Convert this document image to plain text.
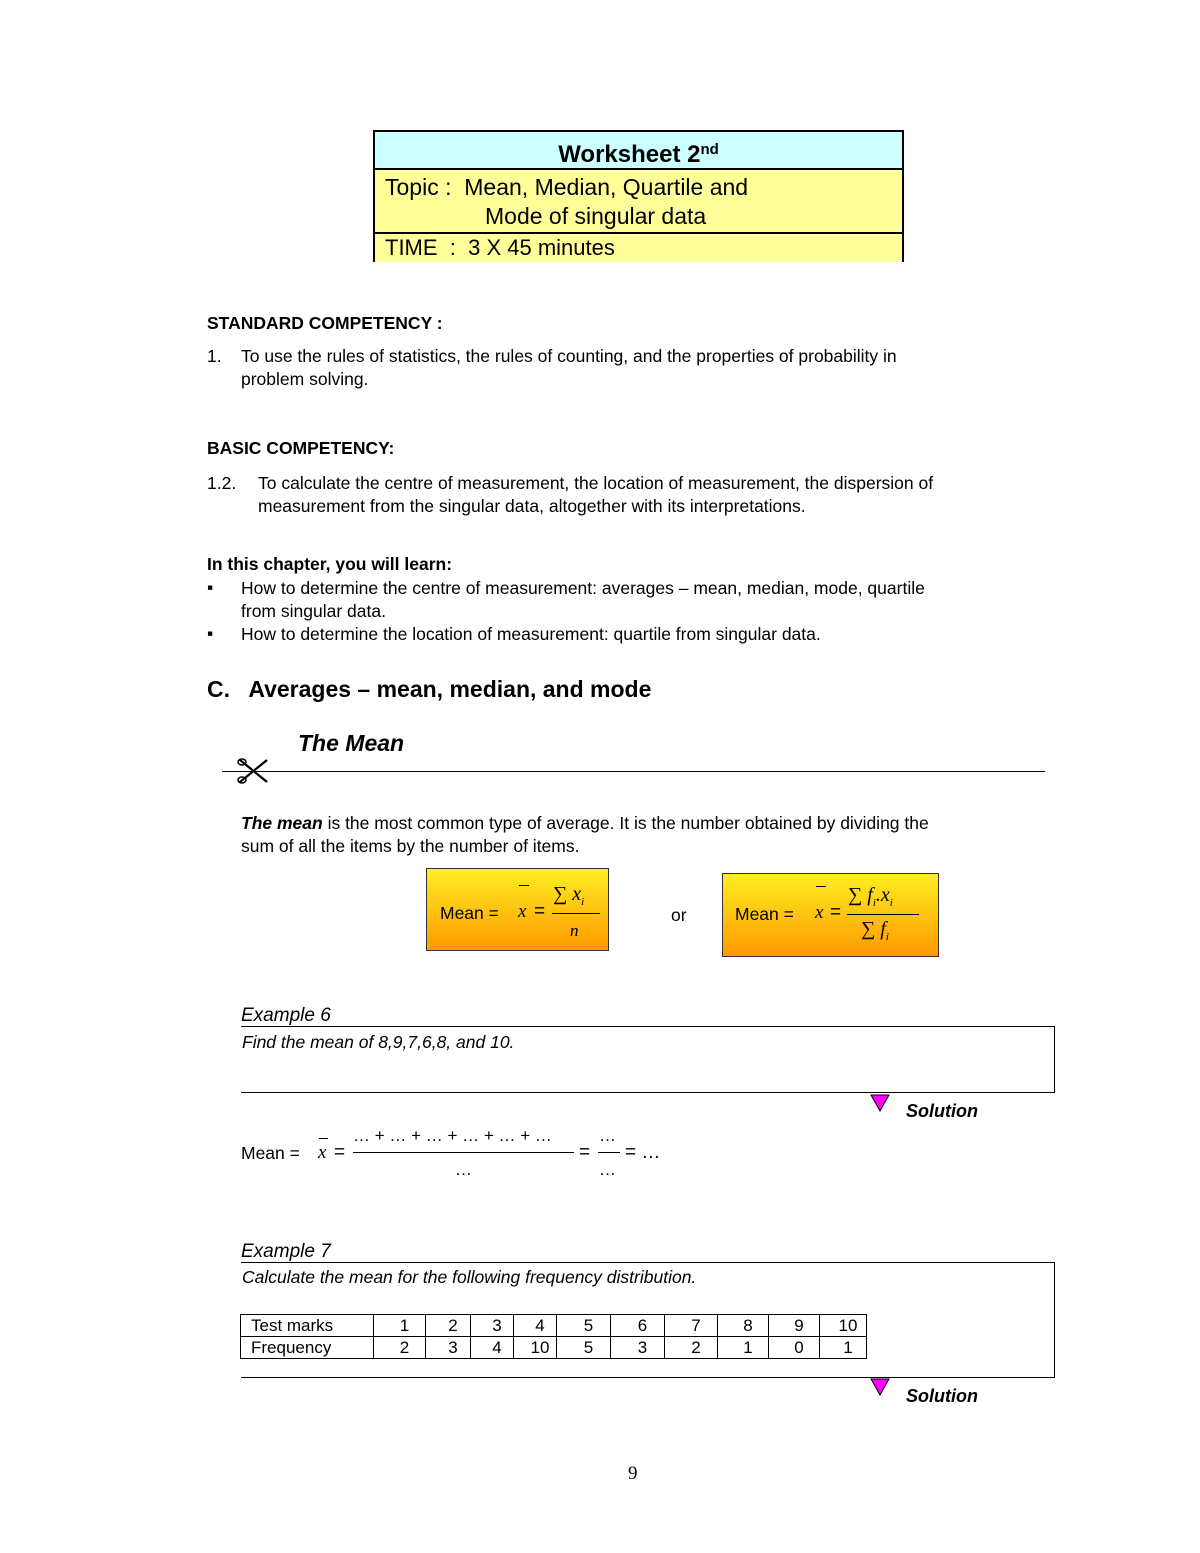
Worksheet 2nd
Topic : Mean, Median, Quartile and
Mode of singular data
TIME  :  3 X 45 minutes
STANDARD COMPETENCY :
1. To use the rules of statistics, the rules of counting, and the properties of probability in
problem solving.
BASIC COMPETENCY:
1.2. To calculate the centre of measurement, the location of measurement, the dispersion of
measurement from the singular data, altogether with its interpretations.
In this chapter, you will learn:
▪ How to determine the centre of measurement: averages – mean, median, mode, quartile
from singular data.
▪ How to determine the location of measurement: quartile from singular data.
C.   Averages – mean, median, and mode
The Mean
The mean is the most common type of average. It is the number obtained by dividing the
sum of all the items by the number of items.
Mean = x =
∑ $x_i$
n
or	Mean = x =
∑ $f_i.x_i$
∑ $f_i$
Example 6
Find the mean of 8,9,7,6,8, and 10.
Solution
Mean = x =
… + … + … + … + … + …
…
=
…
…
= …
Example 7
Calculate the mean for the following frequency distribution.
Test marks	1	2	3	4	5	6	7	8	9	10
Frequency	2	3	4	10	5	3	2	1	0	1
Solution
9
